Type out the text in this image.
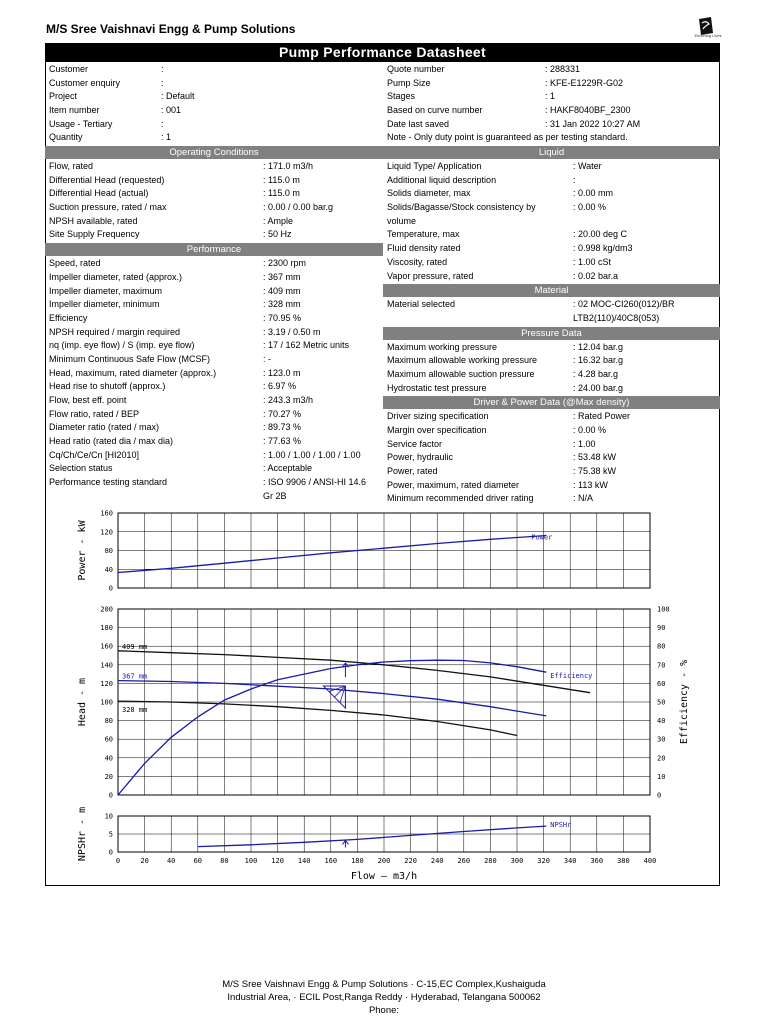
M/S Sree Vaishnavi Engg & Pump Solutions	Enriching Lives
Pump Performance Datasheet
Customer	:
Customer enquiry	:
Project	: Default
Item number	: 001
Usage - Tertiary	:
Quantity	: 1
Quote number	: 288331
Pump Size	: KFE-E1229R-G02
Stages	: 1
Based on curve number	: HAKF8040BF_2300
Date last saved	: 31 Jan 2022 10:27 AM
Note - Only duty point is guaranteed as per testing standard.
Operating Conditions
Flow, rated	: 171.0 m3/h
Differential Head (requested)	: 115.0 m
Differential Head (actual)	: 115.0 m
Suction pressure, rated / max	: 0.00 / 0.00 bar.g
NPSH available, rated	: Ample
Site Supply Frequency	: 50 Hz
Performance
Speed, rated	: 2300 rpm
Impeller diameter, rated (approx.)	: 367 mm
Impeller diameter, maximum	: 409 mm
Impeller diameter, minimum	: 328 mm
Efficiency	: 70.95 %
NPSH required / margin required	: 3.19 / 0.50 m
nq (imp. eye flow) / S (imp. eye flow)	: 17 / 162 Metric units
Minimum Continuous Safe Flow (MCSF)	: -
Head, maximum, rated diameter (approx.)	: 123.0 m
Head rise to shutoff (approx.)	: 6.97 %
Flow, best eff. point	: 243.3 m3/h
Flow ratio, rated / BEP	: 70.27 %
Diameter ratio (rated / max)	: 89.73 %
Head ratio (rated dia / max dia)	: 77.63 %
Cq/Ch/Ce/Cn [HI2010]	: 1.00 / 1.00 / 1.00 / 1.00
Selection status	: Acceptable
Performance testing standard	: ISO 9906 / ANSI-HI 14.6
Gr 2B
Liquid
Liquid Type/ Application	: Water
Additional liquid description	:
Solids diameter, max	: 0.00 mm
Solids/Bagasse/Stock consistency by	: 0.00 %
volume
Temperature, max	: 20.00 deg C
Fluid density rated	: 0.998 kg/dm3
Viscosity, rated	: 1.00 cSt
Vapor pressure, rated	: 0.02 bar.a
Material
Material selected	: 02 MOC-CI260(012)/BR
LTB2(110)/40C8(053)
Pressure Data
Maximum working pressure	: 12.04 bar.g
Maximum allowable working pressure	: 16.32 bar.g
Maximum allowable suction pressure	: 4.28 bar.g
Hydrostatic test pressure	: 24.00 bar.g
Driver & Power Data (@Max density)
Driver sizing specification	: Rated Power
Margin over specification	: 0.00 %
Service factor	: 1.00
Power, hydraulic	: 53.48 kW
Power, rated	: 75.38 kW
Power, maximum, rated diameter	: 113 kW
Minimum recommended driver rating	: N/A
0
40
80
120
160
Power
Power - kW
0
20
40
60
80
100
120
140
160
180
200
0
10
20
30
40
50
60
70
80
90
100
409 mm
367 mm
328 mm
Efficiency
Head - m	Efficiency - %
0
5
10
NPSHr
NPSHr - m	0	20	40	60	80 100 120 140 160 180 200 220 240 260 280 300 320 340 360 380 400
Flow – m3/h
M/S Sree Vaishnavi Engg & Pump Solutions · C-15,EC Complex,Kushaiguda
Industrial Area, · ECIL Post,Ranga Reddy · Hyderabad, Telangana 500062
Phone:
